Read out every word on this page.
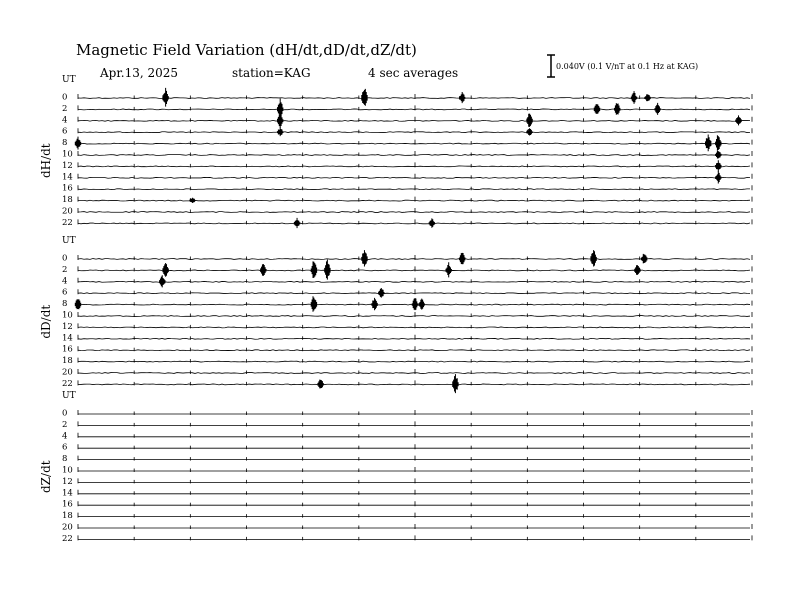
Magnetic Field Variation (dH/dt,dD/dt,dZ/dt)
Apr.13, 2025	station=KAG	4 sec averages	0.040V (0.1 V/nT at 0.1 Hz at KAG)
UT
dH/dt
0
2
4
6
8
10
12
14
16
18
20
22
UT
dD/dt
0
2
4
6
8
10
12
14
16
18
20
22
UT
dZ/dt
0
2
4
6
8
10
12
14
16
18
20
22
